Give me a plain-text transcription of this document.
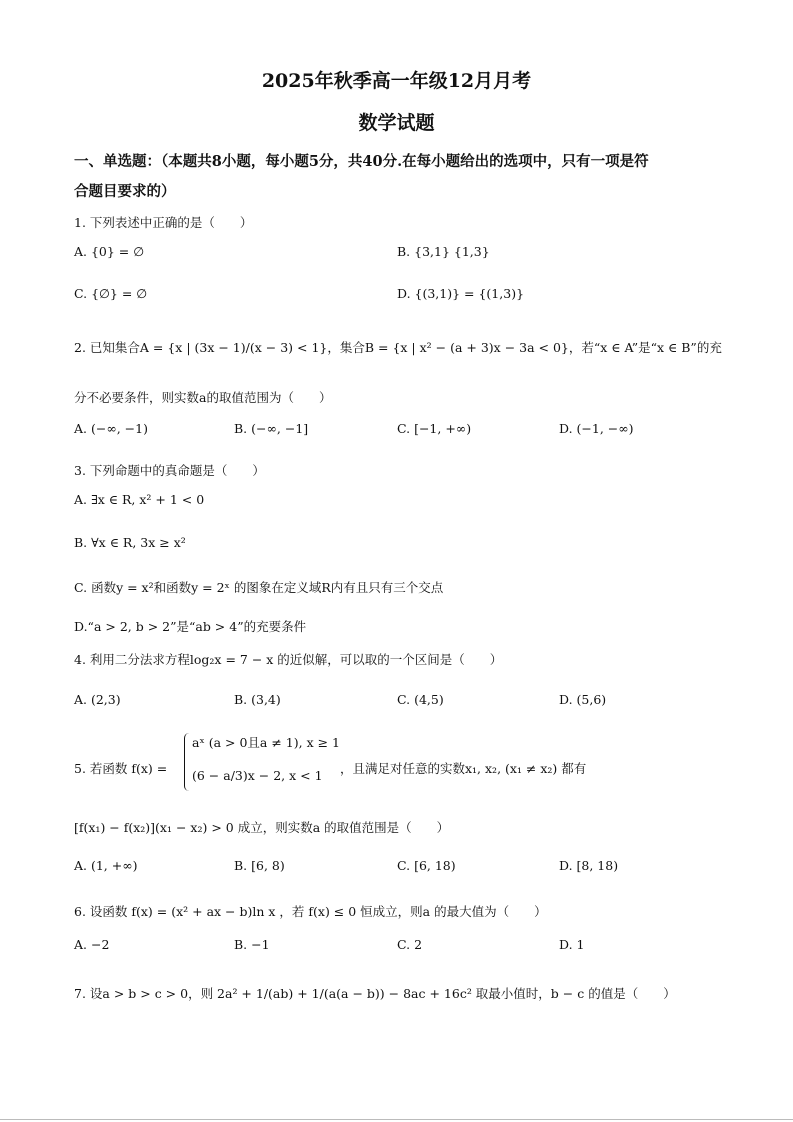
2025年秋季高一年级12月月考
数学试题
一、单选题：（本题共8小题，每小题5分，共40分.在每小题给出的选项中，只有一项是符
合题目要求的）
1. 下列表述中正确的是（　　）
A. {0} = ∅	B. {3,1} {1,3}
C. {∅} = ∅	D. {(3,1)} = {(1,3)}
2. 已知集合A = {x | (3x − 1)/(x − 3) < 1}，集合B = {x | x² − (a + 3)x − 3a < 0}，若“x ∈ A”是“x ∈ B”的充
分不必要条件，则实数a的取值范围为（　　）
A. (−∞, −1)	B. (−∞, −1]	C. [−1, +∞)	D. (−1, −∞)
3. 下列命题中的真命题是（　　）
A. ∃x ∈ R, x² + 1 < 0
B. ∀x ∈ R, 3x ≥ x²
C. 函数y = x²和函数y = 2ˣ 的图象在定义域R内有且只有三个交点
D.“a > 2, b > 2”是“ab > 4”的充要条件
4. 利用二分法求方程log₂x = 7 − x 的近似解，可以取的一个区间是（　　）
A. (2,3)	B. (3,4)	C. (4,5)	D. (5,6)
5. 若函数 f(x) =
aˣ (a > 0且a ≠ 1), x ≥ 1
(6 − a/3)x − 2, x < 1 ，且满足对任意的实数x₁, x₂, (x₁ ≠ x₂) 都有
[f(x₁) − f(x₂)](x₁ − x₂) > 0 成立，则实数a 的取值范围是（　　）
A. (1, +∞)	B. [6, 8)	C. [6, 18)	D. [8, 18)
6. 设函数 f(x) = (x² + ax − b)ln x ，若 f(x) ≤ 0 恒成立，则a 的最大值为（　　）
A. −2	B. −1	C. 2	D. 1
7. 设a > b > c > 0，则 2a² + 1/(ab) + 1/(a(a − b)) − 8ac + 16c² 取最小值时，b − c 的值是（　　）
